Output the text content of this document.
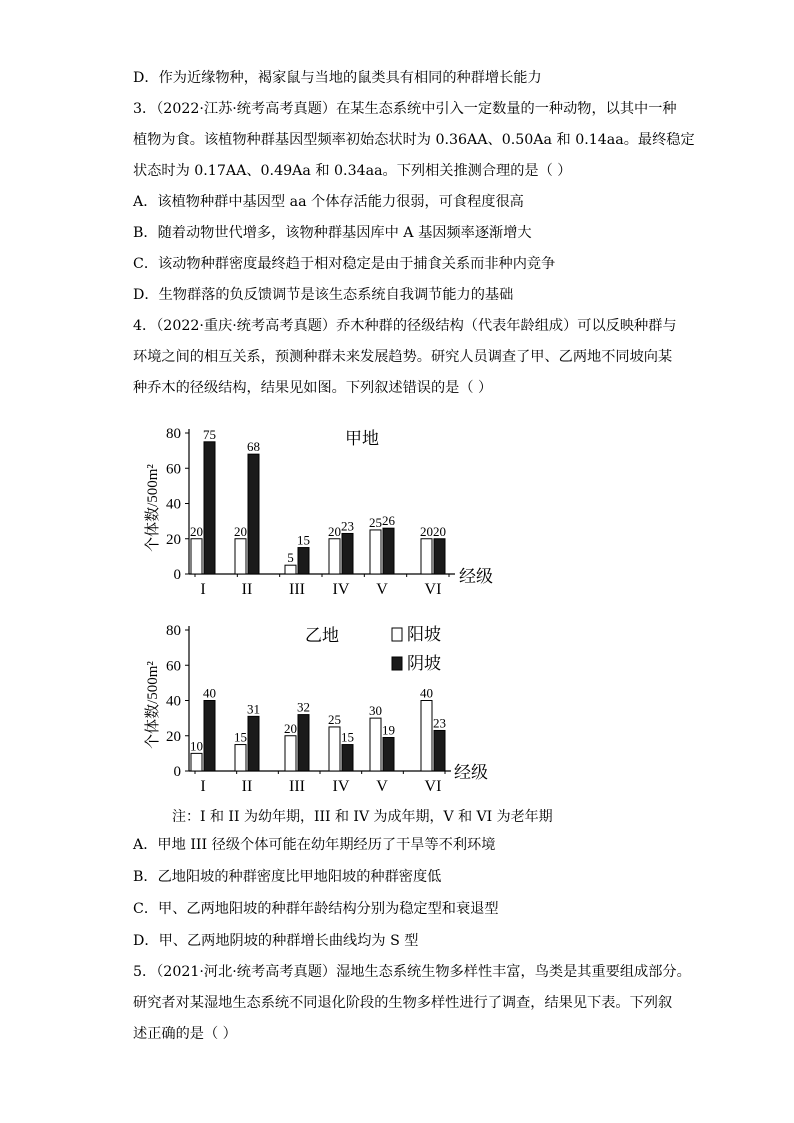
D．作为近缘物种，褐家鼠与当地的鼠类具有相同的种群增长能力
3．（2022·江苏·统考高考真题）在某生态系统中引入一定数量的一种动物，以其中一种
植物为食。该植物种群基因型频率初始态状时为 0.36AA、0.50Aa 和 0.14aa。最终稳定
状态时为 0.17AA、0.49Aa 和 0.34aa。下列相关推测合理的是（ ）
A．该植物种群中基因型 aa 个体存活能力很弱，可食程度很高
B．随着动物世代增多，该物种群基因库中 A 基因频率逐渐增大
C．该动物种群密度最终趋于相对稳定是由于捕食关系而非种内竞争
D．生物群落的负反馈调节是该生态系统自我调节能力的基础
4．（2022·重庆·统考高考真题）乔木种群的径级结构（代表年龄组成）可以反映种群与
环境之间的相互关系，预测种群未来发展趋势。研究人员调查了甲、乙两地不同坡向某
种乔木的径级结构，结果见如图。下列叙述错误的是（ ）
A．甲地 III 径级个体可能在幼年期经历了干旱等不利环境
B．乙地阳坡的种群密度比甲地阳坡的种群密度低
C．甲、乙两地阳坡的种群年龄结构分别为稳定型和衰退型
D．甲、乙两地阴坡的种群增长曲线均为 S 型
5．（2021·河北·统考高考真题）湿地生态系统生物多样性丰富，鸟类是其重要组成部分。
研究者对某湿地生态系统不同退化阶段的生物多样性进行了调查，结果见下表。下列叙
述正确的是（ ）
0
20
40
60
80
20
75
I
20
68
II
5
15
III
20 23
IV
25 26
V
20 20
VI
甲地
经级
个体数/500m²
0
20
40
60
80
10
40
I
15
31
II
20
32
III
25
15
IV
30
19
V
40
23
VI
乙地
经级
个体数/500m²
阳坡
阴坡
注：I 和 II 为幼年期，III 和 IV 为成年期，V 和 VI 为老年期
